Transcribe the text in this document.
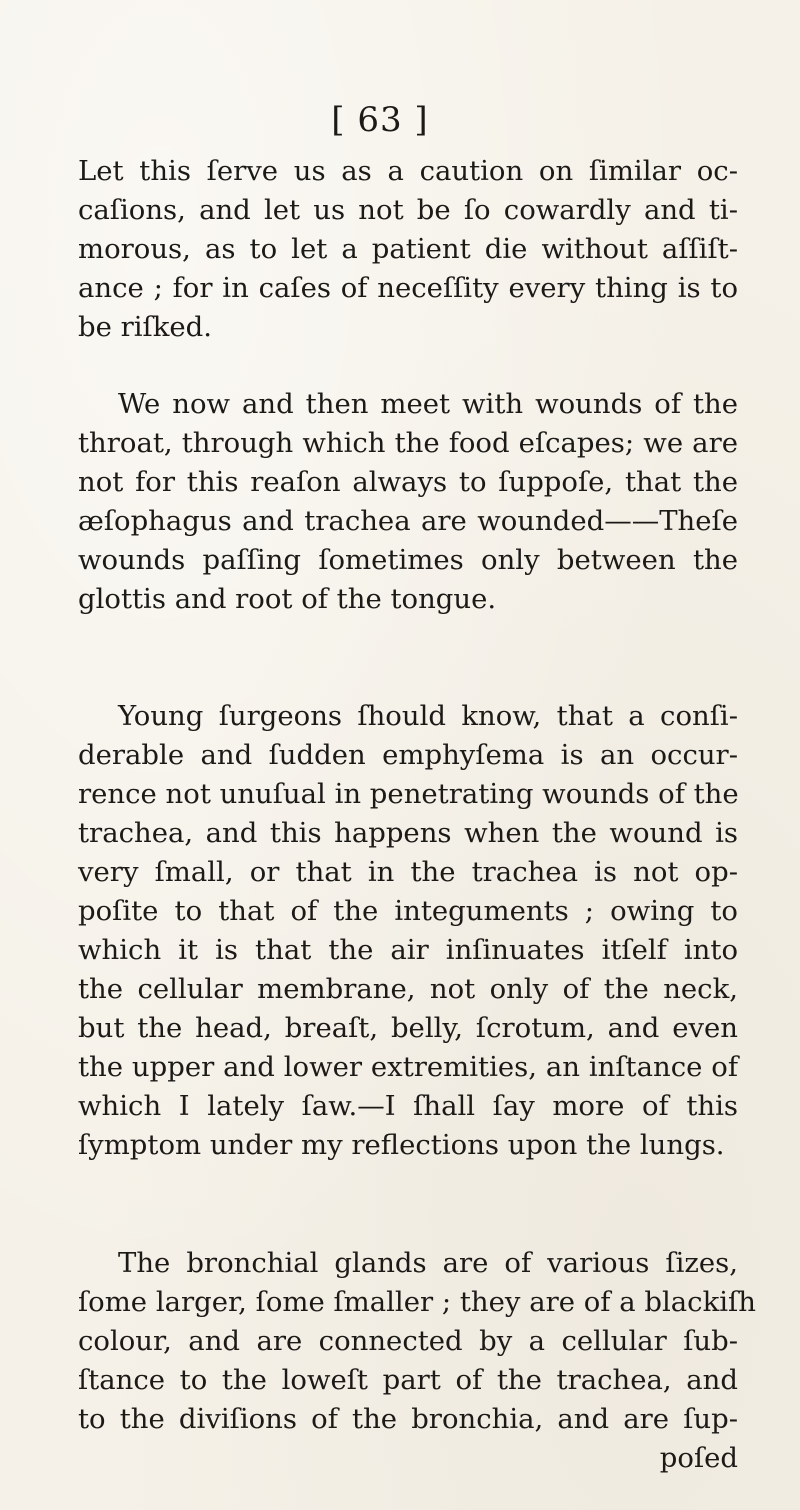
[ 63 ]

Let this ſerve us as a caution on ſimilar oc-
caſions, and let us not be ſo cowardly and ti-
morous, as to let a patient die without aſſiſt-
ance ; for in caſes of neceſſity every thing is to
be riſked.

We now and then meet with wounds of the
throat, through which the food eſcapes; we are
not for this reaſon always to ſuppoſe, that the
æſophagus and trachea are wounded——Theſe
wounds paſſing ſometimes only between the
glottis and root of the tongue.

Young ſurgeons ſhould know, that a conſi-
derable and ſudden emphyſema is an occur-
rence not unuſual in penetrating wounds of the
trachea, and this happens when the wound is
very ſmall, or that in the trachea is not op-
poſite to that of the integuments ; owing to
which it is that the air inſinuates itſelf into
the cellular membrane, not only of the neck,
but the head, breaſt, belly, ſcrotum, and even
the upper and lower extremities, an inſtance of
which I lately ſaw.—I ſhall ſay more of this
ſymptom under my reflections upon the lungs.

The bronchial glands are of various ſizes,
ſome larger, ſome ſmaller ; they are of a blackiſh
colour, and are connected by a cellular ſub-
ſtance to the loweſt part of the trachea, and
to the diviſions of the bronchia, and are ſup-
poſed
